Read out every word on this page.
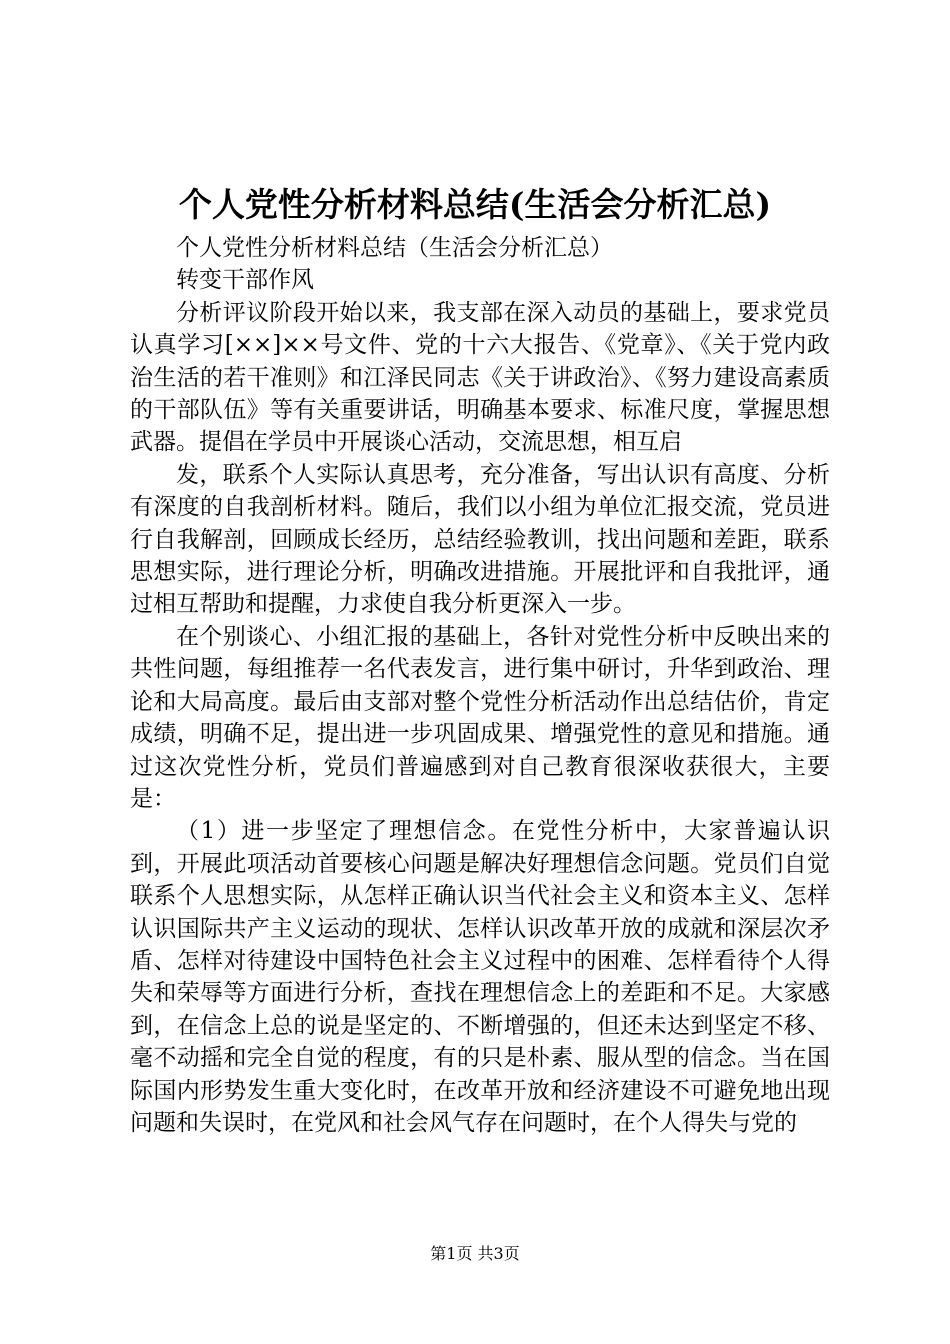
个人党性分析材料总结(生活会分析汇总)

个人党性分析材料总结（生活会分析汇总）

转变干部作风

分析评议阶段开始以来，我支部在深入动员的基础上，要求党员认真学习[××]××号文件、党的十六大报告、《党章》、《关于党内政治生活的若干准则》和江泽民同志《关于讲政治》、《努力建设高素质的干部队伍》等有关重要讲话，明确基本要求、标准尺度，掌握思想武器。提倡在学员中开展谈心活动，交流思想，相互启

发，联系个人实际认真思考，充分准备，写出认识有高度、分析有深度的自我剖析材料。随后，我们以小组为单位汇报交流，党员进行自我解剖，回顾成长经历，总结经验教训，找出问题和差距，联系思想实际，进行理论分析，明确改进措施。开展批评和自我批评，通过相互帮助和提醒，力求使自我分析更深入一步。

在个别谈心、小组汇报的基础上，各针对党性分析中反映出来的共性问题，每组推荐一名代表发言，进行集中研讨，升华到政治、理论和大局高度。最后由支部对整个党性分析活动作出总结估价，肯定成绩，明确不足，提出进一步巩固成果、增强党性的意见和措施。通过这次党性分析，党员们普遍感到对自己教育很深收获很大，主要是：

（1）进一步坚定了理想信念。在党性分析中，大家普遍认识到，开展此项活动首要核心问题是解决好理想信念问题。党员们自觉联系个人思想实际，从怎样正确认识当代社会主义和资本主义、怎样认识国际共产主义运动的现状、怎样认识改革开放的成就和深层次矛盾、怎样对待建设中国特色社会主义过程中的困难、怎样看待个人得失和荣辱等方面进行分析，查找在理想信念上的差距和不足。大家感到，在信念上总的说是坚定的、不断增强的，但还未达到坚定不移、毫不动摇和完全自觉的程度，有的只是朴素、服从型的信念。当在国际国内形势发生重大变化时，在改革开放和经济建设不可避免地出现问题和失误时，在党风和社会风气存在问题时，在个人得失与党的

第1页 共3页
